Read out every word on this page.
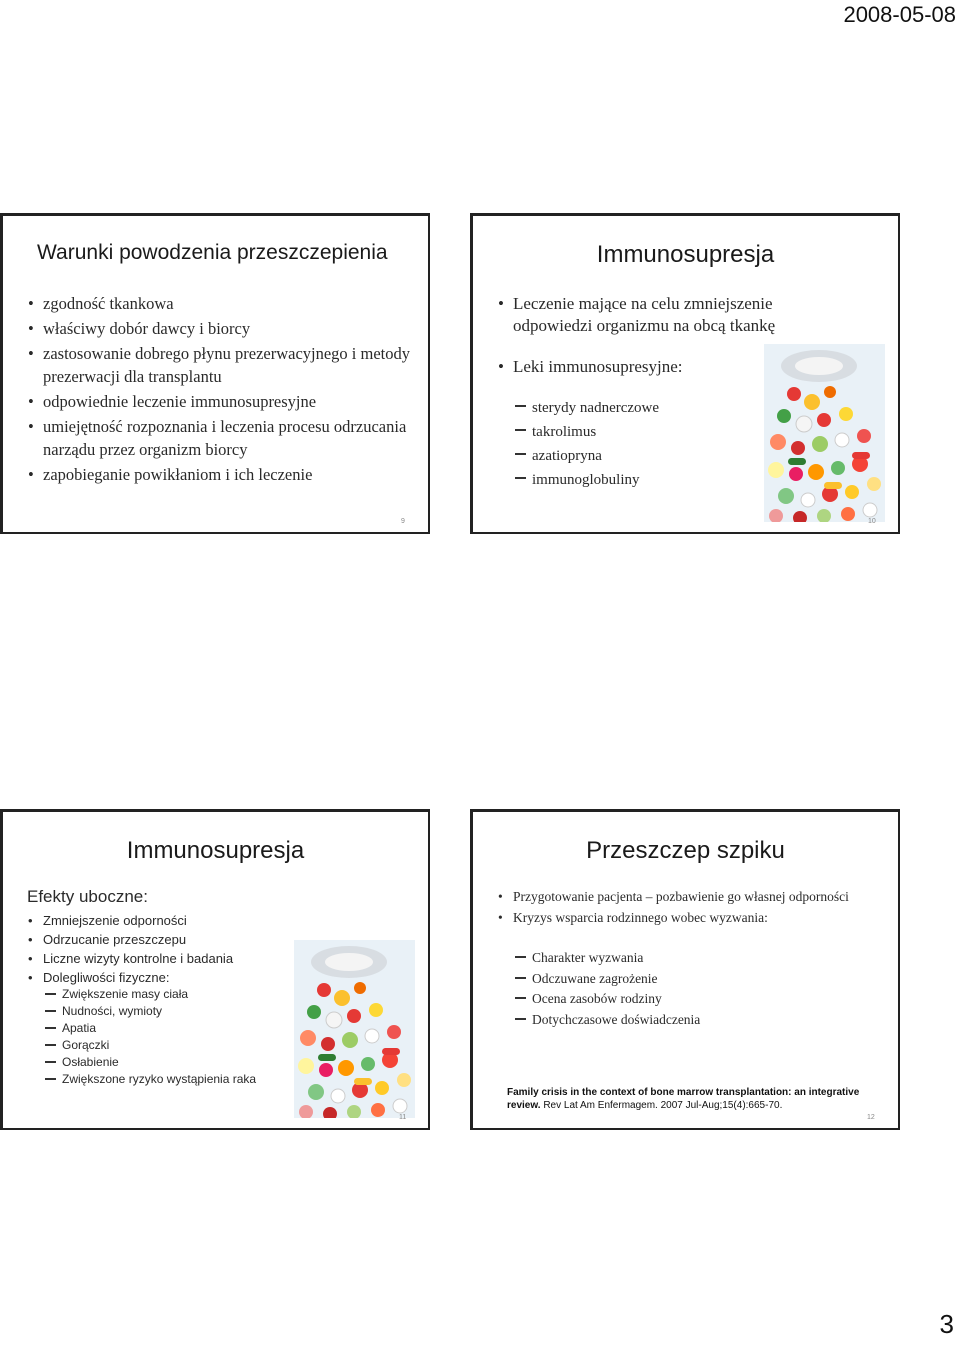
2008-05-08
Warunki powodzenia przeszczepienia
• zgodność tkankowa
• właściwy dobór dawcy i biorcy
• zastosowanie dobrego płynu prezerwacyjnego i metody prezerwacji dla transplantu
• odpowiednie leczenie immunosupresyjne
• umiejętność rozpoznania i leczenia procesu odrzucania narządu przez organizm biorcy
• zapobieganie powikłaniom i ich leczenie
9
Immunosupresja
• Leczenie mające na celu zmniejszenie odpowiedzi organizmu na obcą tkankę
• Leki immunosupresyjne:
sterydy nadnerczowe
takrolimus
azatiopryna
immunoglobuliny
10
Immunosupresja
Efekty uboczne:
• Zmniejszenie odporności
• Odrzucanie przeszczepu
• Liczne wizyty kontrolne i badania
• Dolegliwości fizyczne:
Zwiększenie masy ciała
Nudności, wymioty
Apatia
Gorączki
Osłabienie
Zwiększone ryzyko wystąpienia raka
11
Przeszczep szpiku
• Przygotowanie pacjenta – pozbawienie go własnej odporności
• Kryzys wsparcia rodzinnego wobec wyzwania:
Charakter wyzwania
Odczuwane zagrożenie
Ocena zasobów rodziny
Dotychczasowe doświadczenia
Family crisis in the context of bone marrow transplantation: an integrative review. Rev Lat Am Enfermagem. 2007 Jul-Aug;15(4):665-70.
12
3
